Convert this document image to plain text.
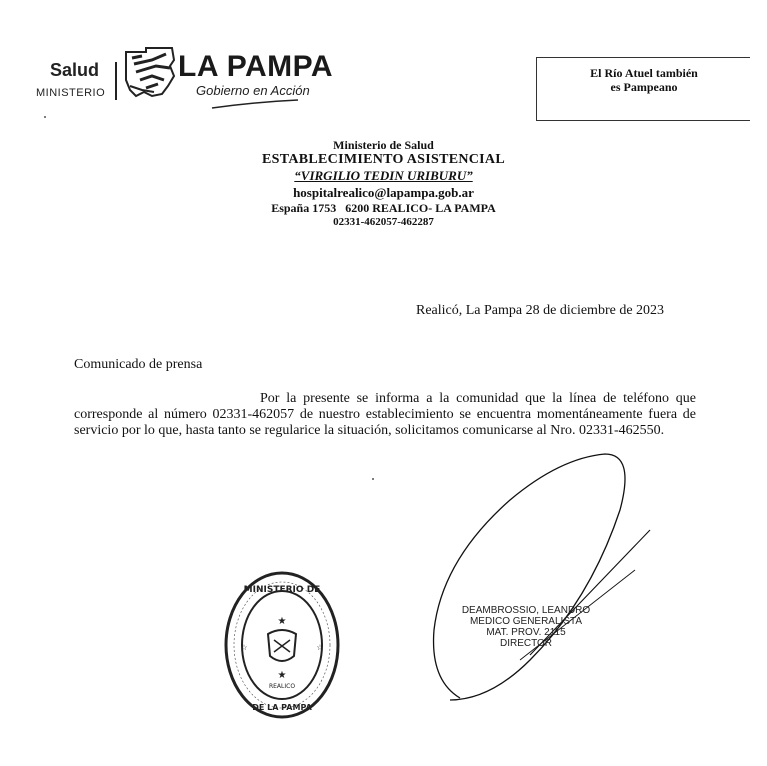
Salud
MINISTERIO
LA PAMPA
Gobierno en Acción
El Río Atuel también
es Pampeano
Ministerio de Salud
ESTABLECIMIENTO ASISTENCIAL
“VIRGILIO TEDIN URIBURU”
hospitalrealico@lapampa.gob.ar
España 1753   6200 REALICO- LA PAMPA
02331-462057-462287
Realicó, La Pampa 28 de diciembre de 2023
Comunicado de prensa
Por la presente se informa a la comunidad que la línea de teléfono que corresponde al número 02331-462057 de nuestro establecimiento se encuentra momentáneamente fuera de servicio por lo que, hasta tanto se regularice la situación, solicitamos comunicarse al Nro. 02331-462550.
MINISTERIO DE
DE LA PAMPA
REALICO
★
★
☆	☆
DEAMBROSSIO, LEANDRO
MEDICO GENERALISTA
MAT. PROV. 2115
DIRECTOR
